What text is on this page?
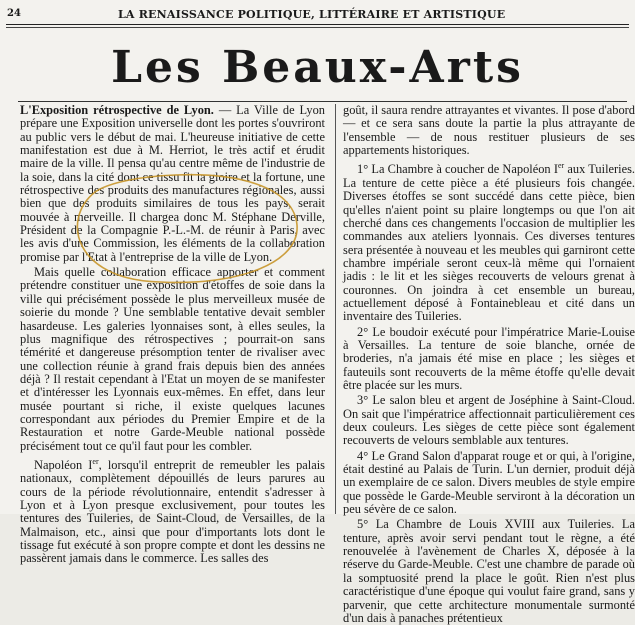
24	LA RENAISSANCE POLITIQUE, LITTÉRAIRE ET ARTISTIQUE
Les Beaux-Arts

L'Exposition rétrospective de Lyon. — La Ville de Lyon prépare une Exposition universelle dont les portes s'ouvriront au public vers le début de mai. L'heureuse initiative de cette manifestation est due à M. Herriot, le très actif et érudit maire de la ville. Il pensa qu'au centre même de l'industrie de la soie, dans la cité dont ce tissu fit la gloire et la fortune, une rétrospective des produits des manufactures régionales, aussi bien que des produits similaires de tous les pays, serait mouvée à merveille. Il chargea donc M. Stéphane Derville, Président de la Compagnie P.-L.-M. de réunir à Paris, avec les avis d'une Commission, les éléments de la collaboration promise par l'Etat à l'entreprise de la ville de Lyon.

Mais quelle collaboration efficace apporter et comment prétendre constituer une exposition d'étoffes de soie dans la ville qui précisément possède le plus merveilleux musée de soierie du monde ? Une semblable tentative devait sembler hasardeuse. Les galeries lyonnaises sont, à elles seules, la plus magnifique des rétrospectives ; pourrait-on sans témérité et dangereuse présomption tenter de rivaliser avec une collection réunie à grand frais depuis bien des années déjà ? Il restait cependant à l'Etat un moyen de se manifester et d'intéresser les Lyonnais eux-mêmes. En effet, dans leur musée pourtant si riche, il existe quelques lacunes correspondant aux périodes du Premier Empire et de la Restauration et notre Garde-Meuble national possède précisément tout ce qu'il faut pour les combler.

Napoléon Ier, lorsqu'il entreprit de remeubler les palais nationaux, complètement dépouillés de leurs parures au cours de la période révolutionnaire, entendit s'adresser à Lyon et à Lyon presque exclusivement, pour toutes les tentures des Tuileries, de Saint-Cloud, de Versailles, de la Malmaison, etc., ainsi que pour d'importants lots dont le tissage fut exécuté à son propre compte et dont les dessins ne passèrent jamais dans le commerce. Les salles des

goût, il saura rendre attrayantes et vivantes. Il pose d'abord — et ce sera sans doute la partie la plus attrayante de l'ensemble — de nous restituer plusieurs de ses appartements historiques.

1° La Chambre à coucher de Napoléon Ier aux Tuileries. La tenture de cette pièce a été plusieurs fois changée. Diverses étoffes se sont succédé dans cette pièce, bien qu'elles n'aient point su plaire longtemps ou que l'on ait cherché dans ces changements l'occasion de multiplier les commandes aux ateliers lyonnais. Ces diverses tentures sera présentée à nouveau et les meubles qui garniront cette chambre impériale seront ceux-là même qui l'ornaient jadis : le lit et les sièges recouverts de velours grenat à couronnes. On joindra à cet ensemble un bureau, actuellement déposé à Fontainebleau et cité dans un inventaire des Tuileries.

2° Le boudoir exécuté pour l'impératrice Marie-Louise à Versailles. La tenture de soie blanche, ornée de broderies, n'a jamais été mise en place ; les sièges et fauteuils sont recouverts de la même étoffe qu'elle devait être placée sur les murs.

3° Le salon bleu et argent de Joséphine à Saint-Cloud. On sait que l'impératrice affectionnait particulièrement ces deux couleurs. Les sièges de cette pièce sont également recouverts de velours semblable aux tentures.

4° Le Grand Salon d'apparat rouge et or qui, à l'origine, était destiné au Palais de Turin. L'un dernier, produit déjà un exemplaire de ce salon. Divers meubles de style empire que possède le Garde-Meuble serviront à la décoration un peu sévère de ce salon.

5° La Chambre de Louis XVIII aux Tuileries. La tenture, après avoir servi pendant tout le règne, a été renouvelée à l'avènement de Charles X, déposée à la réserve du Garde-Meuble. C'est une chambre de parade où la somptuosité prend la place le goût. Rien n'est plus caractéristique d'une époque qui voulut faire grand, sans y parvenir, que cette architecture monumentale surmonté d'un dais à panaches prétentieux
